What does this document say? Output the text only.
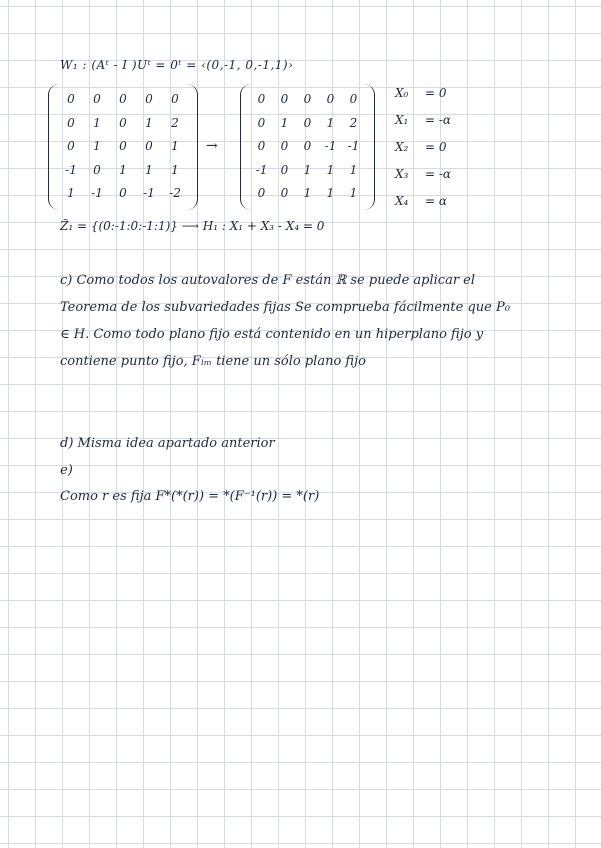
W₁ : (Aᵗ - I )Uᵗ = 0ᵗ = ‹(0,-1, 0,-1,1)›
0	0	0	0	0
0	1	0	1	2
0	1	0	0	1
-1	0	1	1	1
1	-1	0	-1	-2
→
0	0	0	0	0
0	1	0	1	2
0	0	0	-1 -1
-1	0	1	1	1
0	0	1	1	1
X₀ = 0
X₁ = -α
X₂ = 0
X₃ = -α
X₄ = α
Z̃₁ = {(0:-1:0:-1:1)} ⟶ H₁ : X₁ + X₃ - X₄ = 0
c) Como todos los autovalores de F están ℝ se puede aplicar el Teorema de los subvariedades fijas Se comprueba fácilmente que P₀ ∈ H. Como todo plano fijo está contenido en un hiperplano fijo y contiene punto fijo, Fₗₘ tiene un sólo plano fijo
d) Misma idea apartado anterior
e)
Como r es fija F*(*(r)) = *(F⁻¹(r)) = *(r)
